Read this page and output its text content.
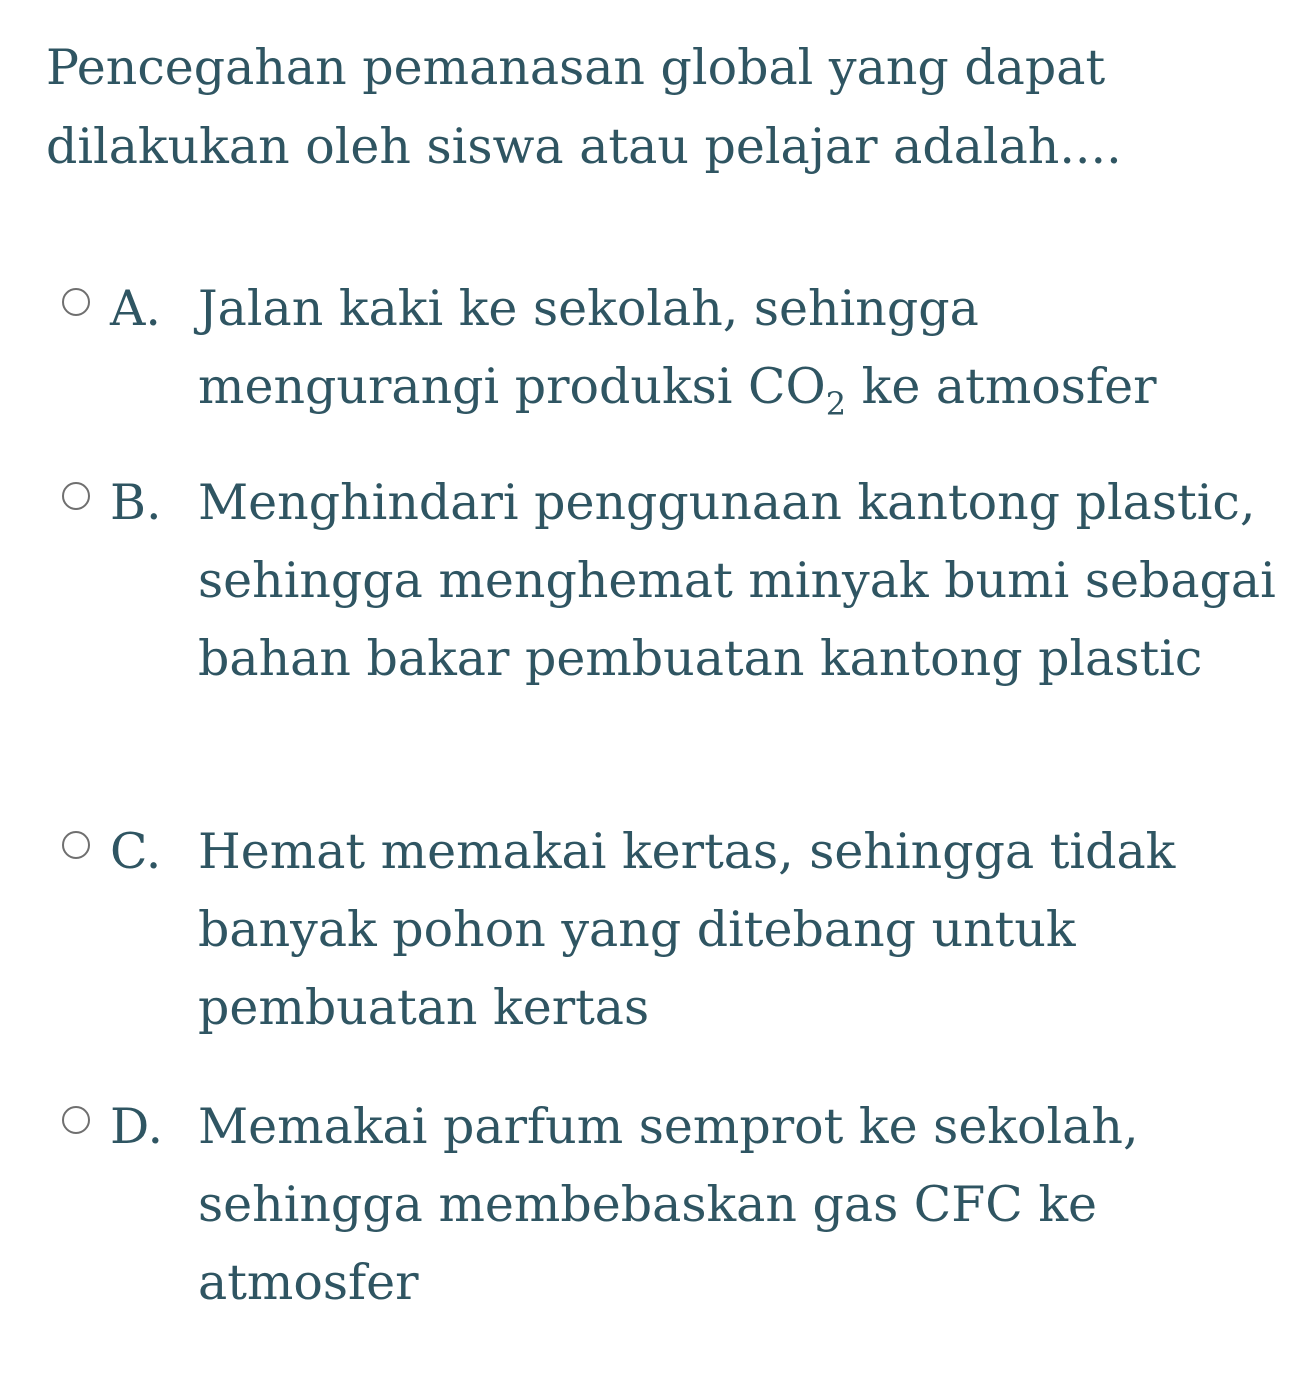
Pencegahan pemanasan global yang dapat dilakukan oleh siswa atau pelajar adalah....

A. Jalan kaki ke sekolah, sehingga mengurangi produksi $CO_2$ ke atmosfer
B. Menghindari penggunaan kantong plastic, sehingga menghemat minyak bumi sebagai bahan bakar pembuatan kantong plastic
C. Hemat memakai kertas, sehingga tidak banyak pohon yang ditebang untuk pembuatan kertas
D. Memakai parfum semprot ke sekolah, sehingga membebaskan gas CFC ke atmosfer
